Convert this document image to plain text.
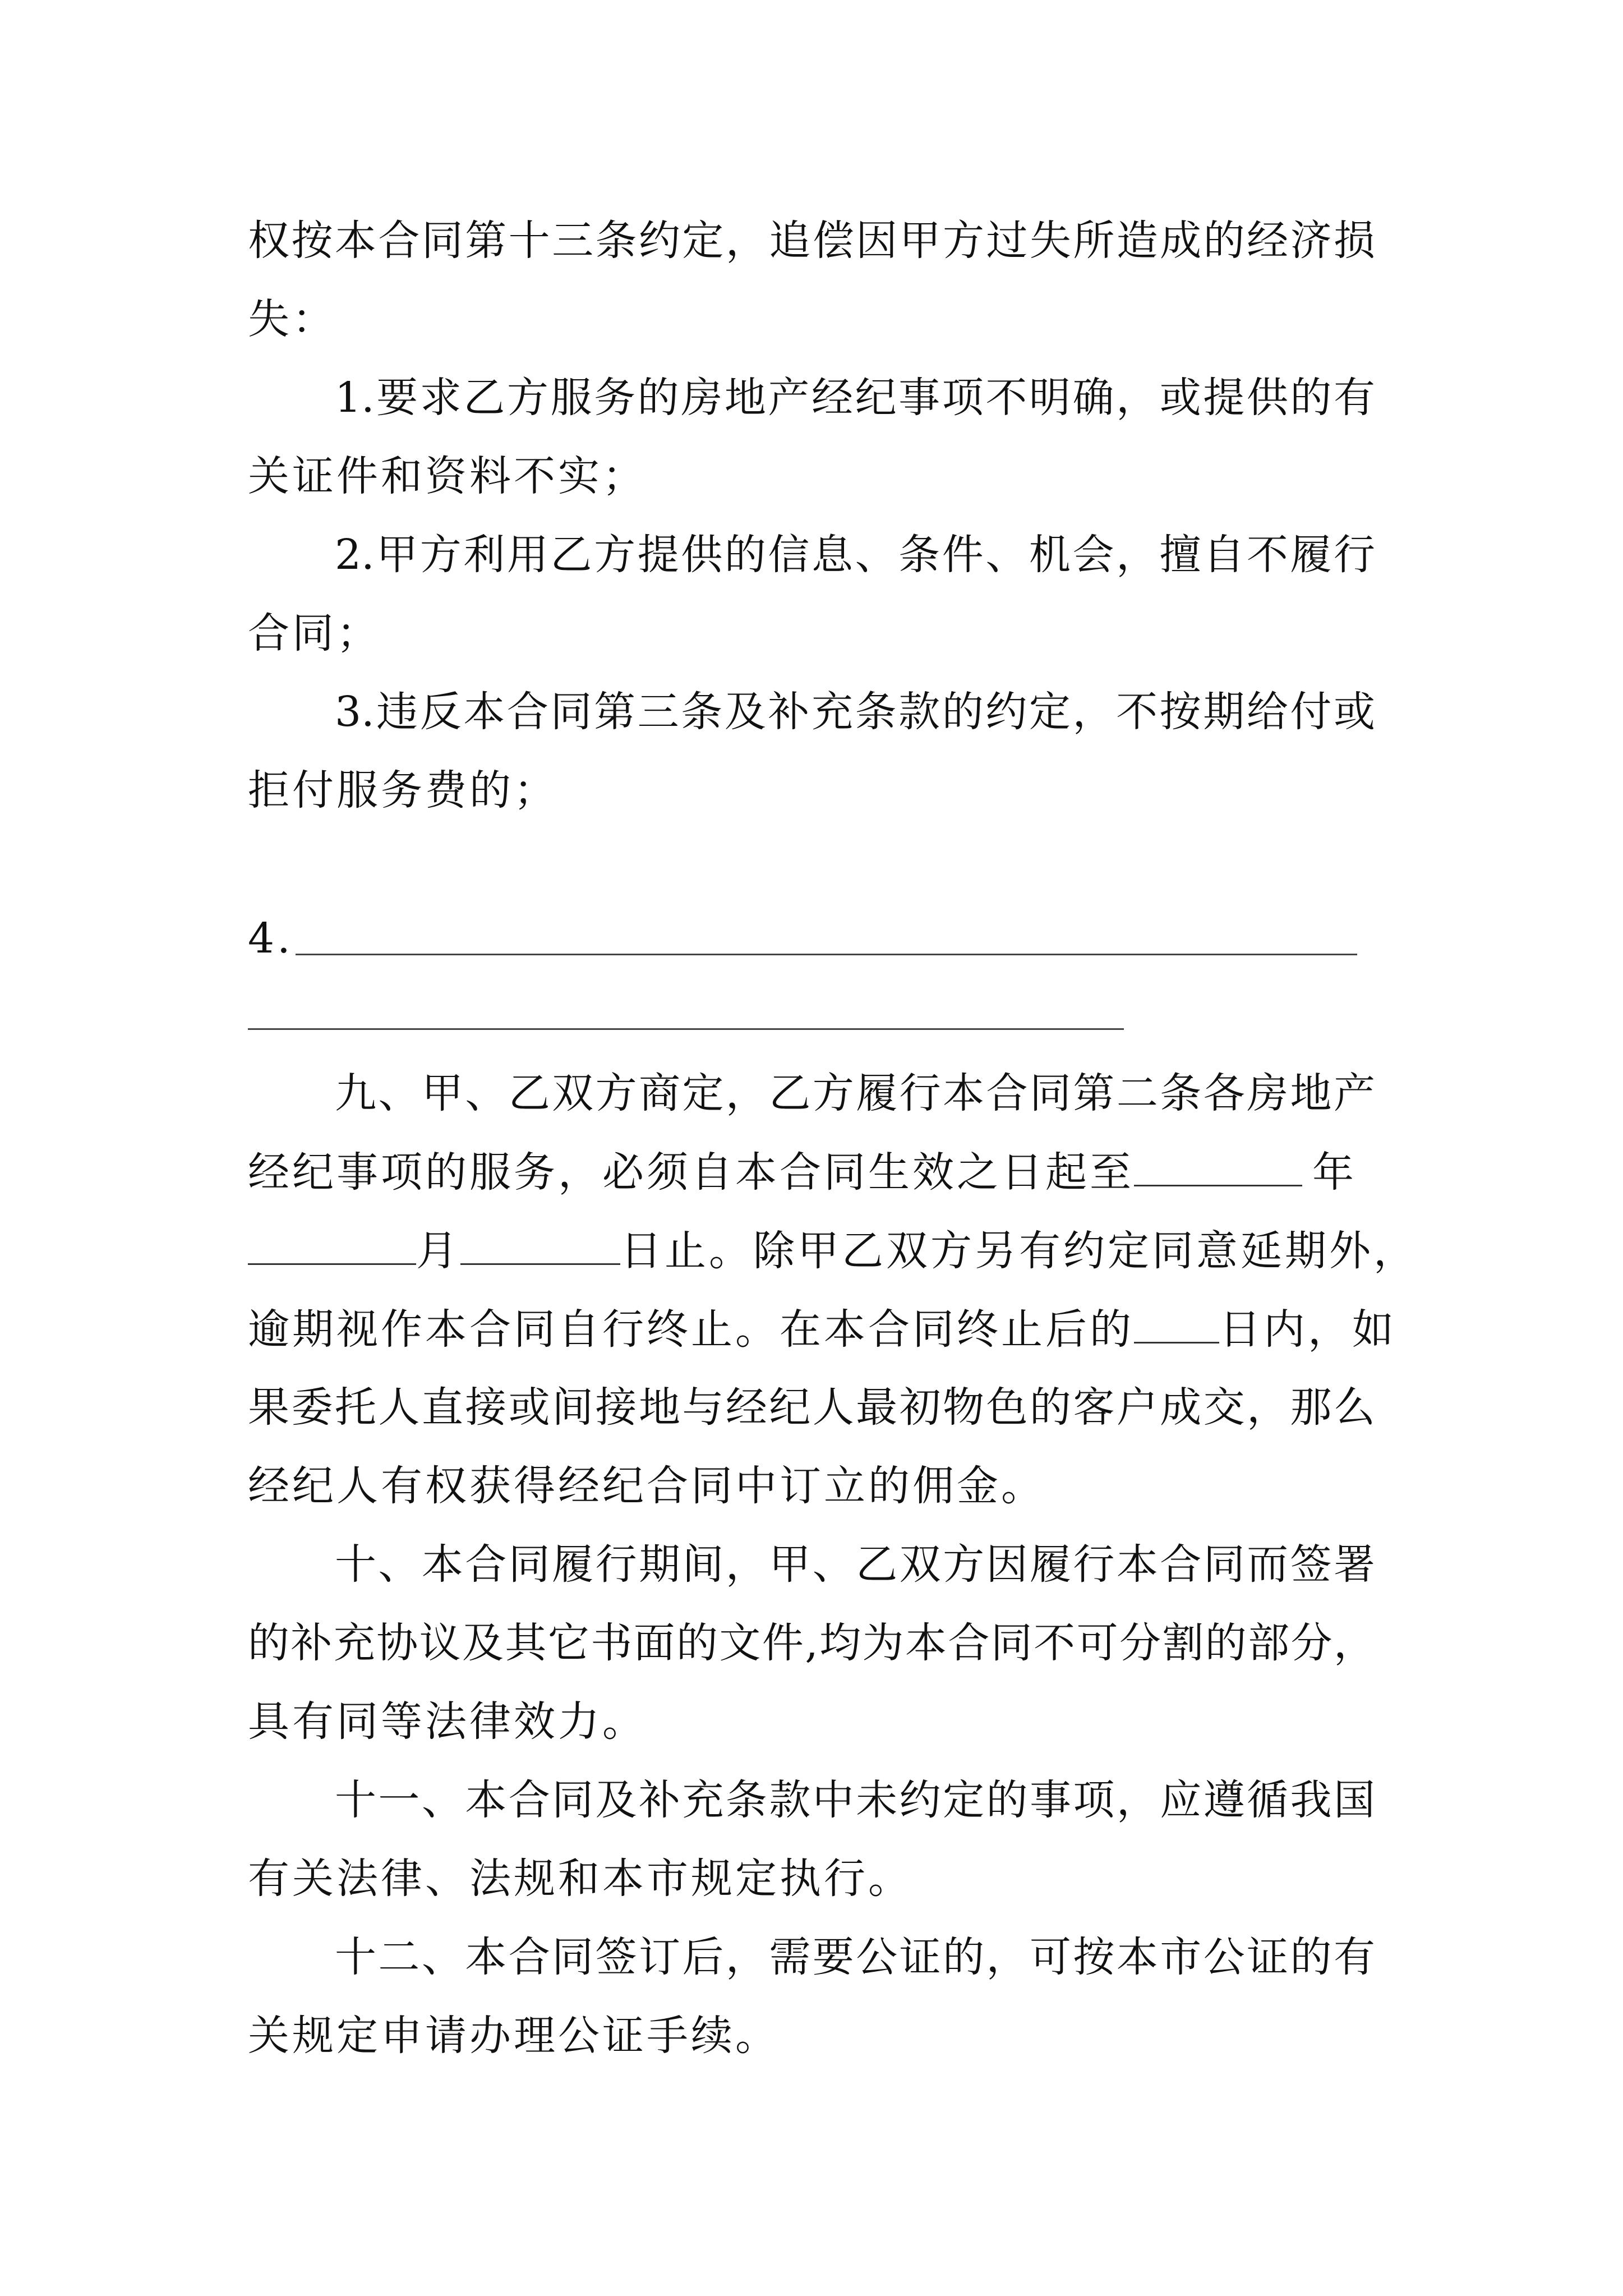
权按本合同第十三条约定，追偿因甲方过失所造成的经济损
失：
1.要求乙方服务的房地产经纪事项不明确，或提供的有
关证件和资料不实；
2.甲方利用乙方提供的信息、条件、机会，擅自不履行
合同；
3.违反本合同第三条及补充条款的约定，不按期给付或
拒付服务费的；
4.
九、甲、乙双方商定，乙方履行本合同第二条各房地产
经纪事项的服务，必须自本合同生效之日起至	年
月	日止。除甲乙双方另有约定同意延期外，
逾期视作本合同自行终止。在本合同终止后的 日内，如
果委托人直接或间接地与经纪人最初物色的客户成交，那么
经纪人有权获得经纪合同中订立的佣金。
十、本合同履行期间，甲、乙双方因履行本合同而签署
的补充协议及其它书面的文件,均为本合同不可分割的部分，
具有同等法律效力。
十一、本合同及补充条款中未约定的事项，应遵循我国
有关法律、法规和本市规定执行。
十二、本合同签订后，需要公证的，可按本市公证的有
关规定申请办理公证手续。
